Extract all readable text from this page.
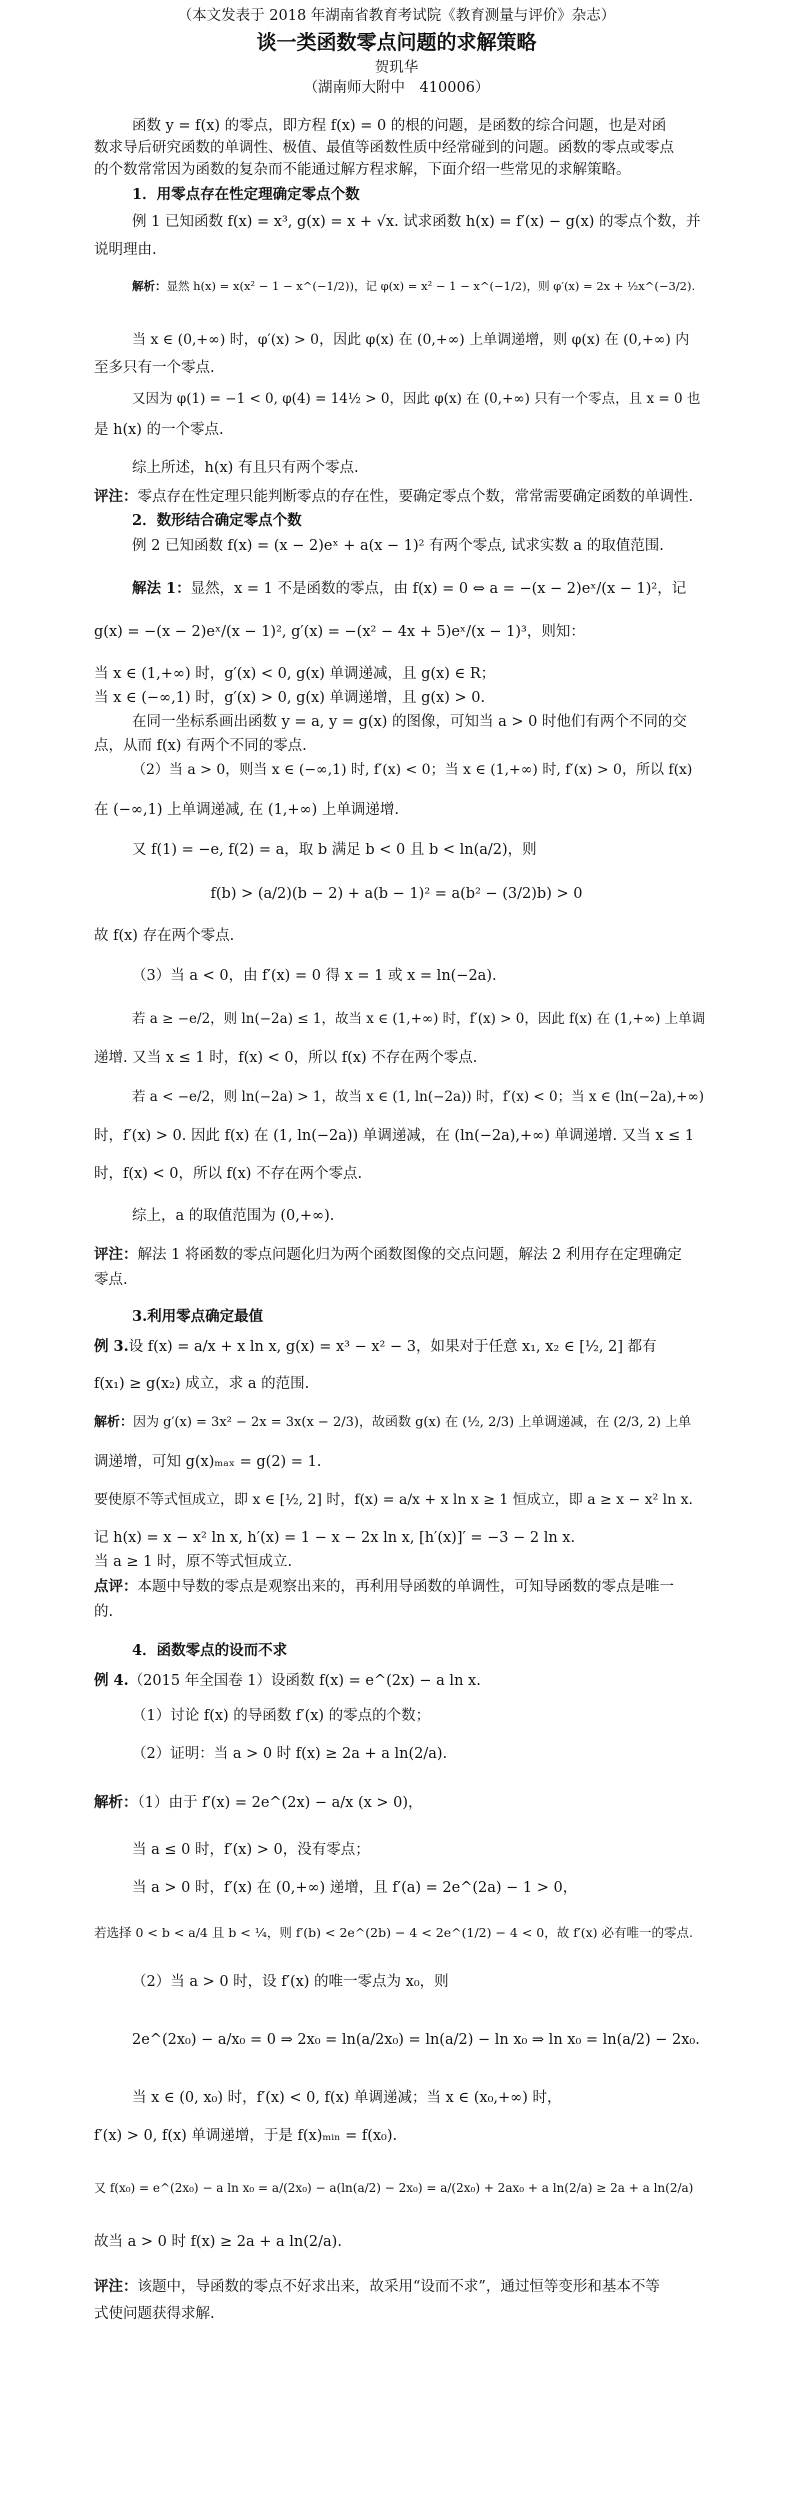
（本文发表于 2018 年湖南省教育考试院《教育测量与评价》杂志）
谈一类函数零点问题的求解策略
贺玑华
（湖南师大附中　410006）
函数 y = f(x) 的零点，即方程 f(x) = 0 的根的问题，是函数的综合问题，也是对函
数求导后研究函数的单调性、极值、最值等函数性质中经常碰到的问题。函数的零点或零点
的个数常常因为函数的复杂而不能通过解方程求解，下面介绍一些常见的求解策略。
1．用零点存在性定理确定零点个数
例 1 已知函数 f(x) = x³, g(x) = x + √x. 试求函数 h(x) = f′(x) − g(x) 的零点个数，并
说明理由.
解析：显然 h(x) = x(x² − 1 − x^(−1/2))，记 φ(x) = x² − 1 − x^(−1/2)，则 φ′(x) = 2x + ½x^(−3/2).
当 x ∈ (0,+∞) 时，φ′(x) > 0，因此 φ(x) 在 (0,+∞) 上单调递增，则 φ(x) 在 (0,+∞) 内
至多只有一个零点.
又因为 φ(1) = −1 < 0, φ(4) = 14½ > 0，因此 φ(x) 在 (0,+∞) 只有一个零点，且 x = 0 也
是 h(x) 的一个零点.
综上所述，h(x) 有且只有两个零点.
评注：零点存在性定理只能判断零点的存在性，要确定零点个数，常常需要确定函数的单调性.
2．数形结合确定零点个数
例 2 已知函数 f(x) = (x − 2)eˣ + a(x − 1)² 有两个零点, 试求实数 a 的取值范围.
解法 1：显然，x = 1 不是函数的零点，由 f(x) = 0 ⇔ a = −(x − 2)eˣ/(x − 1)²，记
g(x) = −(x − 2)eˣ/(x − 1)², g′(x) = −(x² − 4x + 5)eˣ/(x − 1)³，则知：
当 x ∈ (1,+∞) 时，g′(x) < 0, g(x) 单调递减，且 g(x) ∈ R；
当 x ∈ (−∞,1) 时，g′(x) > 0, g(x) 单调递增，且 g(x) > 0.
在同一坐标系画出函数 y = a, y = g(x) 的图像，可知当 a > 0 时他们有两个不同的交
点，从而 f(x) 有两个不同的零点.
（2）当 a > 0，则当 x ∈ (−∞,1) 时, f′(x) < 0；当 x ∈ (1,+∞) 时, f′(x) > 0，所以 f(x)
在 (−∞,1) 上单调递减, 在 (1,+∞) 上单调递增.
又 f(1) = −e, f(2) = a，取 b 满足 b < 0 且 b < ln(a/2)，则
f(b) > (a/2)(b − 2) + a(b − 1)² = a(b² − (3/2)b) > 0
故 f(x) 存在两个零点.
（3）当 a < 0，由 f′(x) = 0 得 x = 1 或 x = ln(−2a).
若 a ≥ −e/2，则 ln(−2a) ≤ 1，故当 x ∈ (1,+∞) 时，f′(x) > 0，因此 f(x) 在 (1,+∞) 上单调
递增. 又当 x ≤ 1 时，f(x) < 0，所以 f(x) 不存在两个零点.
若 a < −e/2，则 ln(−2a) > 1，故当 x ∈ (1, ln(−2a)) 时，f′(x) < 0；当 x ∈ (ln(−2a),+∞)
时，f′(x) > 0. 因此 f(x) 在 (1, ln(−2a)) 单调递减，在 (ln(−2a),+∞) 单调递增. 又当 x ≤ 1
时，f(x) < 0，所以 f(x) 不存在两个零点.
综上，a 的取值范围为 (0,+∞).
评注：解法 1 将函数的零点问题化归为两个函数图像的交点问题，解法 2 利用存在定理确定
零点.
3.利用零点确定最值
例 3.设 f(x) = a/x + x ln x, g(x) = x³ − x² − 3，如果对于任意 x₁, x₂ ∈ [½, 2] 都有
f(x₁) ≥ g(x₂) 成立，求 a 的范围.
解析：因为 g′(x) = 3x² − 2x = 3x(x − 2/3)，故函数 g(x) 在 (½, 2/3) 上单调递减，在 (2/3, 2) 上单
调递增，可知 g(x)ₘₐₓ = g(2) = 1.
要使原不等式恒成立，即 x ∈ [½, 2] 时，f(x) = a/x + x ln x ≥ 1 恒成立，即 a ≥ x − x² ln x.
记 h(x) = x − x² ln x, h′(x) = 1 − x − 2x ln x, [h′(x)]′ = −3 − 2 ln x.
当 a ≥ 1 时，原不等式恒成立.
点评：本题中导数的零点是观察出来的，再利用导函数的单调性，可知导函数的零点是唯一
的.
4．函数零点的设而不求
例 4.（2015 年全国卷 1）设函数 f(x) = e^(2x) − a ln x.
（1）讨论 f(x) 的导函数 f′(x) 的零点的个数；
（2）证明：当 a > 0 时 f(x) ≥ 2a + a ln(2/a).
解析：（1）由于 f′(x) = 2e^(2x) − a/x (x > 0)，
当 a ≤ 0 时，f′(x) > 0，没有零点；
当 a > 0 时，f′(x) 在 (0,+∞) 递增，且 f′(a) = 2e^(2a) − 1 > 0，
若选择 0 < b < a/4 且 b < ¼，则 f′(b) < 2e^(2b) − 4 < 2e^(1/2) − 4 < 0，故 f′(x) 必有唯一的零点.
（2）当 a > 0 时，设 f′(x) 的唯一零点为 x₀，则
2e^(2x₀) − a/x₀ = 0 ⇒ 2x₀ = ln(a/2x₀) = ln(a/2) − ln x₀ ⇒ ln x₀ = ln(a/2) − 2x₀.
当 x ∈ (0, x₀) 时，f′(x) < 0, f(x) 单调递减；当 x ∈ (x₀,+∞) 时，
f′(x) > 0, f(x) 单调递增，于是 f(x)ₘᵢₙ = f(x₀).
又 f(x₀) = e^(2x₀) − a ln x₀ = a/(2x₀) − a(ln(a/2) − 2x₀) = a/(2x₀) + 2ax₀ + a ln(2/a) ≥ 2a + a ln(2/a)
故当 a > 0 时 f(x) ≥ 2a + a ln(2/a).
评注：该题中，导函数的零点不好求出来，故采用“设而不求”，通过恒等变形和基本不等
式使问题获得求解.
